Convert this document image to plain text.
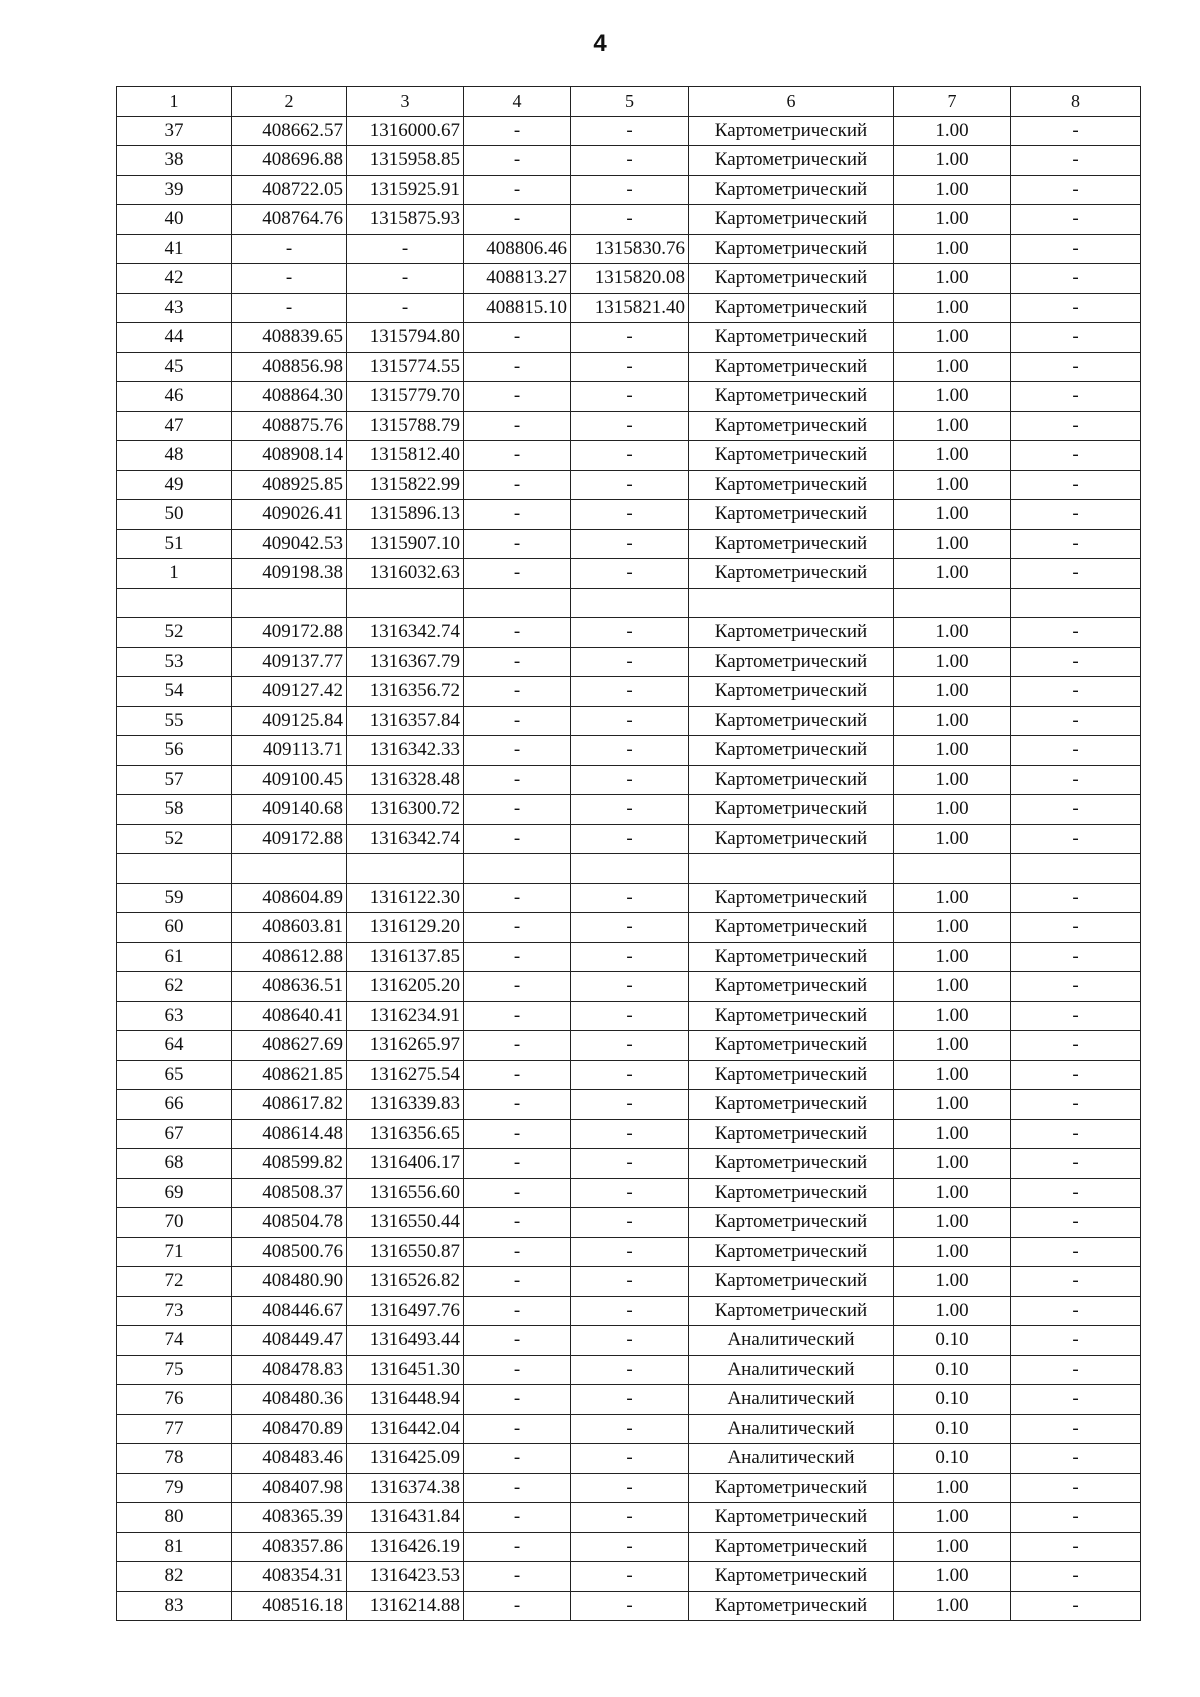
4
1	2	3	4	5	6	7	8
37	408662.57	1316000.67	-	-	Картометрический	1.00	-
38	408696.88	1315958.85	-	-	Картометрический	1.00	-
39	408722.05	1315925.91	-	-	Картометрический	1.00	-
40	408764.76	1315875.93	-	-	Картометрический	1.00	-
41	-	-	408806.46	1315830.76	Картометрический	1.00	-
42	-	-	408813.27	1315820.08	Картометрический	1.00	-
43	-	-	408815.10	1315821.40	Картометрический	1.00	-
44	408839.65	1315794.80	-	-	Картометрический	1.00	-
45	408856.98	1315774.55	-	-	Картометрический	1.00	-
46	408864.30	1315779.70	-	-	Картометрический	1.00	-
47	408875.76	1315788.79	-	-	Картометрический	1.00	-
48	408908.14	1315812.40	-	-	Картометрический	1.00	-
49	408925.85	1315822.99	-	-	Картометрический	1.00	-
50	409026.41	1315896.13	-	-	Картометрический	1.00	-
51	409042.53	1315907.10	-	-	Картометрический	1.00	-
1	409198.38	1316032.63	-	-	Картометрический	1.00	-

52	409172.88	1316342.74	-	-	Картометрический	1.00	-
53	409137.77	1316367.79	-	-	Картометрический	1.00	-
54	409127.42	1316356.72	-	-	Картометрический	1.00	-
55	409125.84	1316357.84	-	-	Картометрический	1.00	-
56	409113.71	1316342.33	-	-	Картометрический	1.00	-
57	409100.45	1316328.48	-	-	Картометрический	1.00	-
58	409140.68	1316300.72	-	-	Картометрический	1.00	-
52	409172.88	1316342.74	-	-	Картометрический	1.00	-

59	408604.89	1316122.30	-	-	Картометрический	1.00	-
60	408603.81	1316129.20	-	-	Картометрический	1.00	-
61	408612.88	1316137.85	-	-	Картометрический	1.00	-
62	408636.51	1316205.20	-	-	Картометрический	1.00	-
63	408640.41	1316234.91	-	-	Картометрический	1.00	-
64	408627.69	1316265.97	-	-	Картометрический	1.00	-
65	408621.85	1316275.54	-	-	Картометрический	1.00	-
66	408617.82	1316339.83	-	-	Картометрический	1.00	-
67	408614.48	1316356.65	-	-	Картометрический	1.00	-
68	408599.82	1316406.17	-	-	Картометрический	1.00	-
69	408508.37	1316556.60	-	-	Картометрический	1.00	-
70	408504.78	1316550.44	-	-	Картометрический	1.00	-
71	408500.76	1316550.87	-	-	Картометрический	1.00	-
72	408480.90	1316526.82	-	-	Картометрический	1.00	-
73	408446.67	1316497.76	-	-	Картометрический	1.00	-
74	408449.47	1316493.44	-	-	Аналитический	0.10	-
75	408478.83	1316451.30	-	-	Аналитический	0.10	-
76	408480.36	1316448.94	-	-	Аналитический	0.10	-
77	408470.89	1316442.04	-	-	Аналитический	0.10	-
78	408483.46	1316425.09	-	-	Аналитический	0.10	-
79	408407.98	1316374.38	-	-	Картометрический	1.00	-
80	408365.39	1316431.84	-	-	Картометрический	1.00	-
81	408357.86	1316426.19	-	-	Картометрический	1.00	-
82	408354.31	1316423.53	-	-	Картометрический	1.00	-
83	408516.18	1316214.88	-	-	Картометрический	1.00	-
